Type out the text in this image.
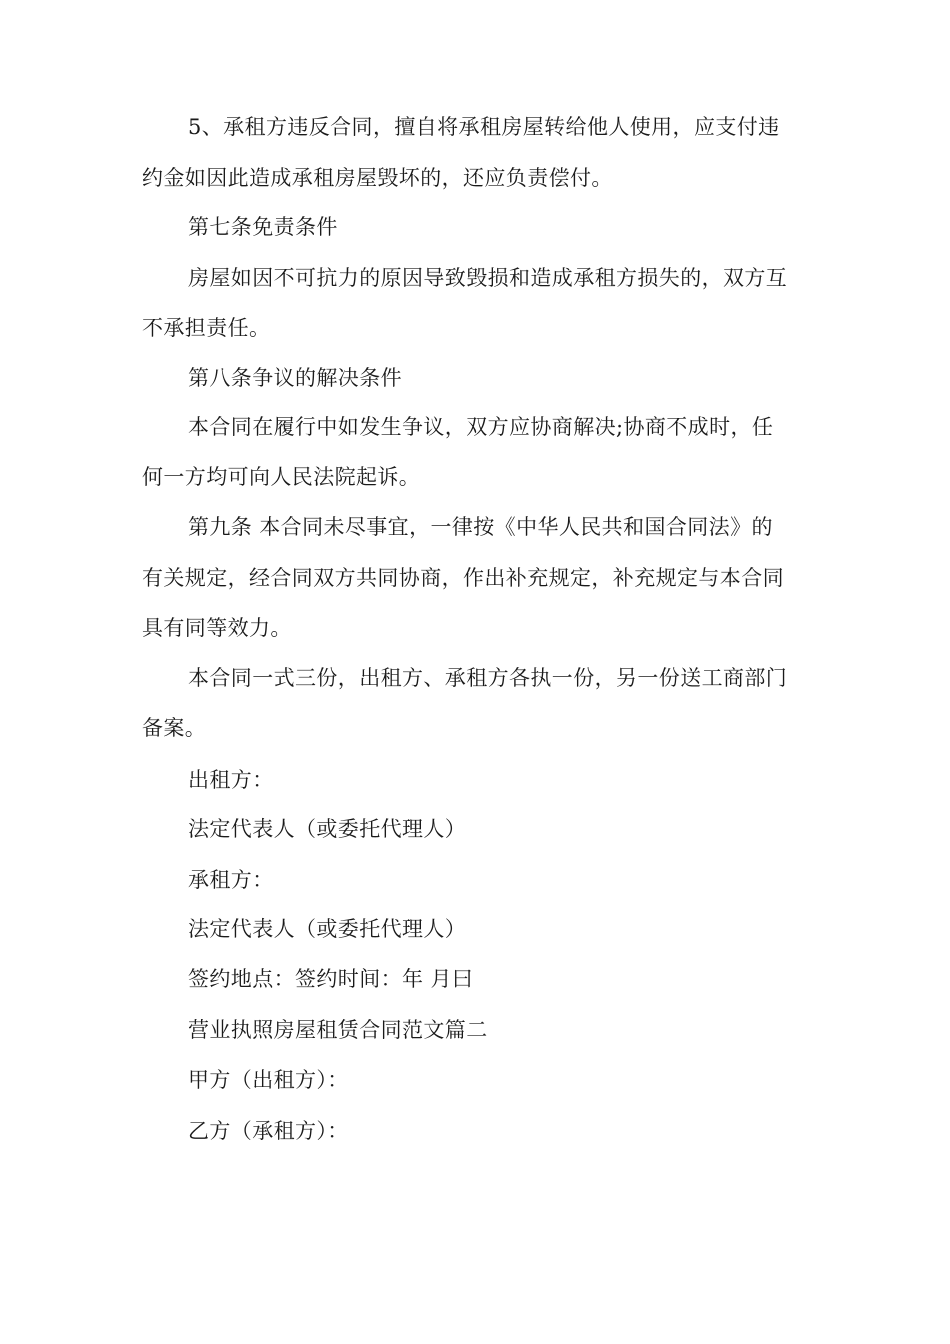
5、承租方违反合同，擅自将承租房屋转给他人使用，应支付违
约金如因此造成承租房屋毁坏的，还应负责偿付。
第七条免责条件
房屋如因不可抗力的原因导致毁损和造成承租方损失的，双方互
不承担责任。
第八条争议的解决条件
本合同在履行中如发生争议，双方应协商解决;协商不成时，任
何一方均可向人民法院起诉。
第九条 本合同未尽事宜，一律按《中华人民共和国合同法》的
有关规定，经合同双方共同协商，作出补充规定，补充规定与本合同
具有同等效力。
本合同一式三份，出租方、承租方各执一份，另一份送工商部门
备案。
出租方：
法定代表人（或委托代理人）
承租方：
法定代表人（或委托代理人）
签约地点：签约时间：年 月曰
营业执照房屋租赁合同范文篇二
甲方（出租方）：
乙方（承租方）：
